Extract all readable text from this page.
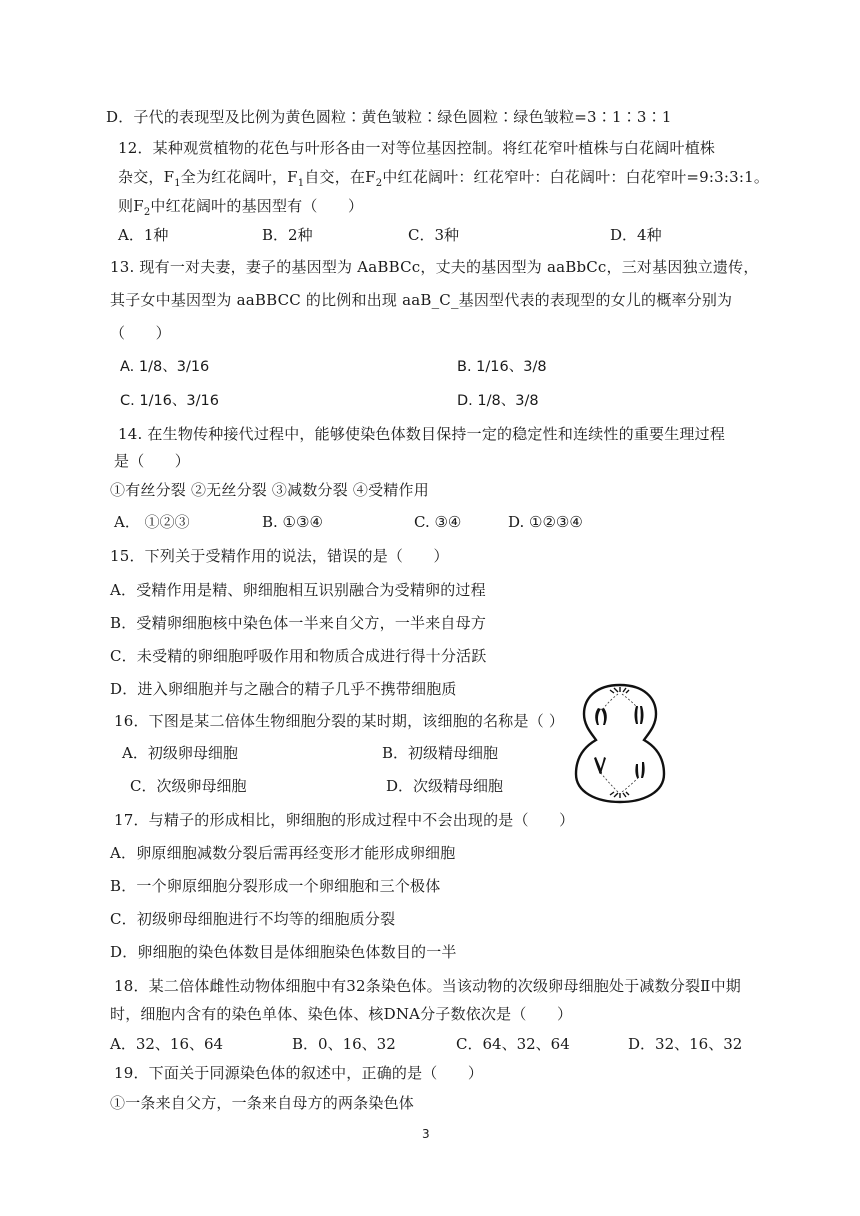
D．子代的表现型及比例为黄色圆粒∶黄色皱粒∶绿色圆粒∶绿色皱粒=3∶1∶3∶1
12．某种观赏植物的花色与叶形各由一对等位基因控制。将红花窄叶植株与白花阔叶植株
杂交，$F_1$全为红花阔叶，$F_1$自交，在$F_2$中红花阔叶：红花窄叶：白花阔叶：白花窄叶=9:3:3:1。
则$F_2$中红花阔叶的基因型有（　　）
A．1种	B．2种	C．3种	D．4种
13. 现有一对夫妻，妻子的基因型为 AaBBCc，丈夫的基因型为 aaBbCc，三对基因独立遗传，
其子女中基因型为 aaBBCC 的比例和出现 aaB_C_基因型代表的表现型的女儿的概率分别为
（　　）
A. 1/8、3/16	B. 1/16、3/8
C. 1/16、3/16	D. 1/8、3/8
14. 在生物传种接代过程中，能够使染色体数目保持一定的稳定性和连续性的重要生理过程
是（　　）
①有丝分裂 ②无丝分裂 ③减数分裂 ④受精作用
A． ①②③	B. ①③④	C. ③④	D. ①②③④
15．下列关于受精作用的说法，错误的是（　　）
A．受精作用是精、卵细胞相互识别融合为受精卵的过程
B．受精卵细胞核中染色体一半来自父方，一半来自母方
C．未受精的卵细胞呼吸作用和物质合成进行得十分活跃
D．进入卵细胞并与之融合的精子几乎不携带细胞质
16．下图是某二倍体生物细胞分裂的某时期，该细胞的名称是（ ）
A．初级卵母细胞	B．初级精母细胞
C．次级卵母细胞	D．次级精母细胞
17．与精子的形成相比，卵细胞的形成过程中不会出现的是（　　）
A．卵原细胞减数分裂后需再经变形才能形成卵细胞
B．一个卵原细胞分裂形成一个卵细胞和三个极体
C．初级卵母细胞进行不均等的细胞质分裂
D．卵细胞的染色体数目是体细胞染色体数目的一半
18．某二倍体雌性动物体细胞中有32条染色体。当该动物的次级卵母细胞处于减数分裂Ⅱ中期
时，细胞内含有的染色单体、染色体、核DNA分子数依次是（　　）
A．32、16、64	B．0、16、32	C．64、32、64	D．32、16、32
19．下面关于同源染色体的叙述中，正确的是（　　）
①一条来自父方，一条来自母方的两条染色体
3
